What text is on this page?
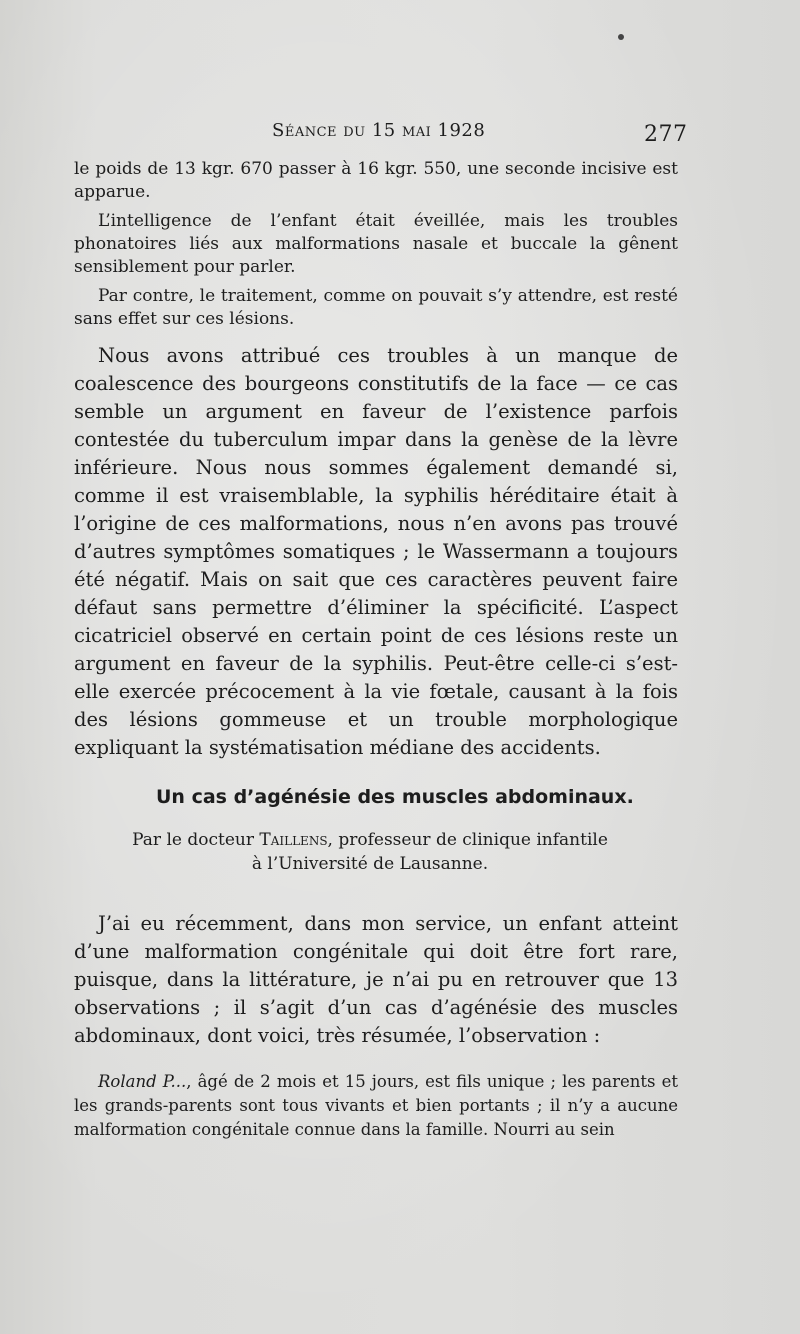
Séance du 15 mai 1928	277

le poids de 13 kgr. 670 passer à 16 kgr. 550, une seconde incisive est apparue.

L’intelligence de l’enfant était éveillée, mais les troubles phonatoires liés aux malformations nasale et buccale la gênent sensiblement pour parler.

Par contre, le traitement, comme on pouvait s’y attendre, est resté sans effet sur ces lésions.

Nous avons attribué ces troubles à un manque de coalescence des bourgeons constitutifs de la face — ce cas semble un argument en faveur de l’existence parfois contestée du tuberculum impar dans la genèse de la lèvre inférieure. Nous nous sommes également demandé si, comme il est vraisemblable, la syphilis héréditaire était à l’origine de ces malformations, nous n’en avons pas trouvé d’autres symptômes somatiques ; le Wassermann a toujours été négatif. Mais on sait que ces caractères peuvent faire défaut sans permettre d’éliminer la spécificité. L’aspect cicatriciel observé en certain point de ces lésions reste un argument en faveur de la syphilis. Peut-être celle-ci s’est-elle exercée précocement à la vie fœtale, causant à la fois des lésions gommeuse et un trouble morphologique expliquant la systématisation médiane des accidents.

Un cas d’agénésie des muscles abdominaux.
Par le docteur Taillens, professeur de clinique infantile
à l’Université de Lausanne.

J’ai eu récemment, dans mon service, un enfant atteint d’une malformation congénitale qui doit être fort rare, puisque, dans la littérature, je n’ai pu en retrouver que 13 observations ; il s’agit d’un cas d’agénésie des muscles abdominaux, dont voici, très résumée, l’observation :

Roland P..., âgé de 2 mois et 15 jours, est fils unique ; les parents et les grands-parents sont tous vivants et bien portants ; il n’y a aucune malformation congénitale connue dans la famille. Nourri au sein
